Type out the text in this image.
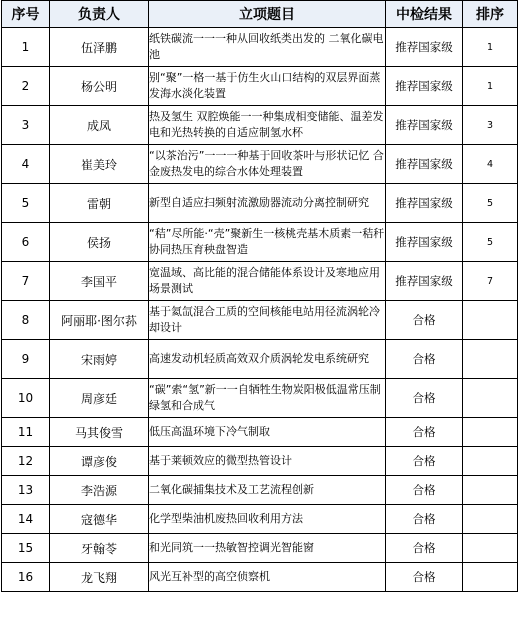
序号	负责人	立项题目	中检结果	排序
1	伍泽鹏	纸铁碳流一一一种从回收纸类出发的 二氧化碳电池	推荐国家级	1
2	杨公明	别“聚”一格一基于仿生火山口结构的双层界面蒸发海水淡化装置	推荐国家级	1
3	成凤	热及氢生 双腔焕能一一种集成相变储能、温差发电和光热转换的自适应制氢水杯	推荐国家级	3
4	崔美玲	“以茶治污”一一一种基于回收茶叶与形状记忆 合金废热发电的综合水体处理装置	推荐国家级	4
5	雷朝	新型自适应扫频射流激励器流动分离控制研究	推荐国家级	5
6	侯扬	“秸”尽所能·“壳”聚新生一核桃壳基木质素一秸秆协同热压育秧盘智造	推荐国家级	5
7	李国平	宽温域、高比能的混合储能体系设计及寒地应用场景测试	推荐国家级	7
8	阿丽耶·图尔荪	基于氦氙混合工质的空间核能电站用径流涡轮冷却设计	合格	
9	宋雨婷	高速发动机轻质高效双介质涡轮发电系统研究	合格	
10	周彦廷	“碳”索“氢”新一一自牺牲生物炭阳极低温常压制绿氢和合成气	合格	
11	马其俊雪	低压高温环境下冷气制取	合格	
12	谭彦俊	基于莱顿效应的微型热管设计	合格	
13	李浩源	二氧化碳捕集技术及工艺流程创新	合格	
14	寇德华	化学型柴油机废热回收利用方法	合格	
15	牙翰苓	和光同筑一一热敏智控调光智能窗	合格	
16	龙飞翔	风光互补型的高空侦察机	合格	
